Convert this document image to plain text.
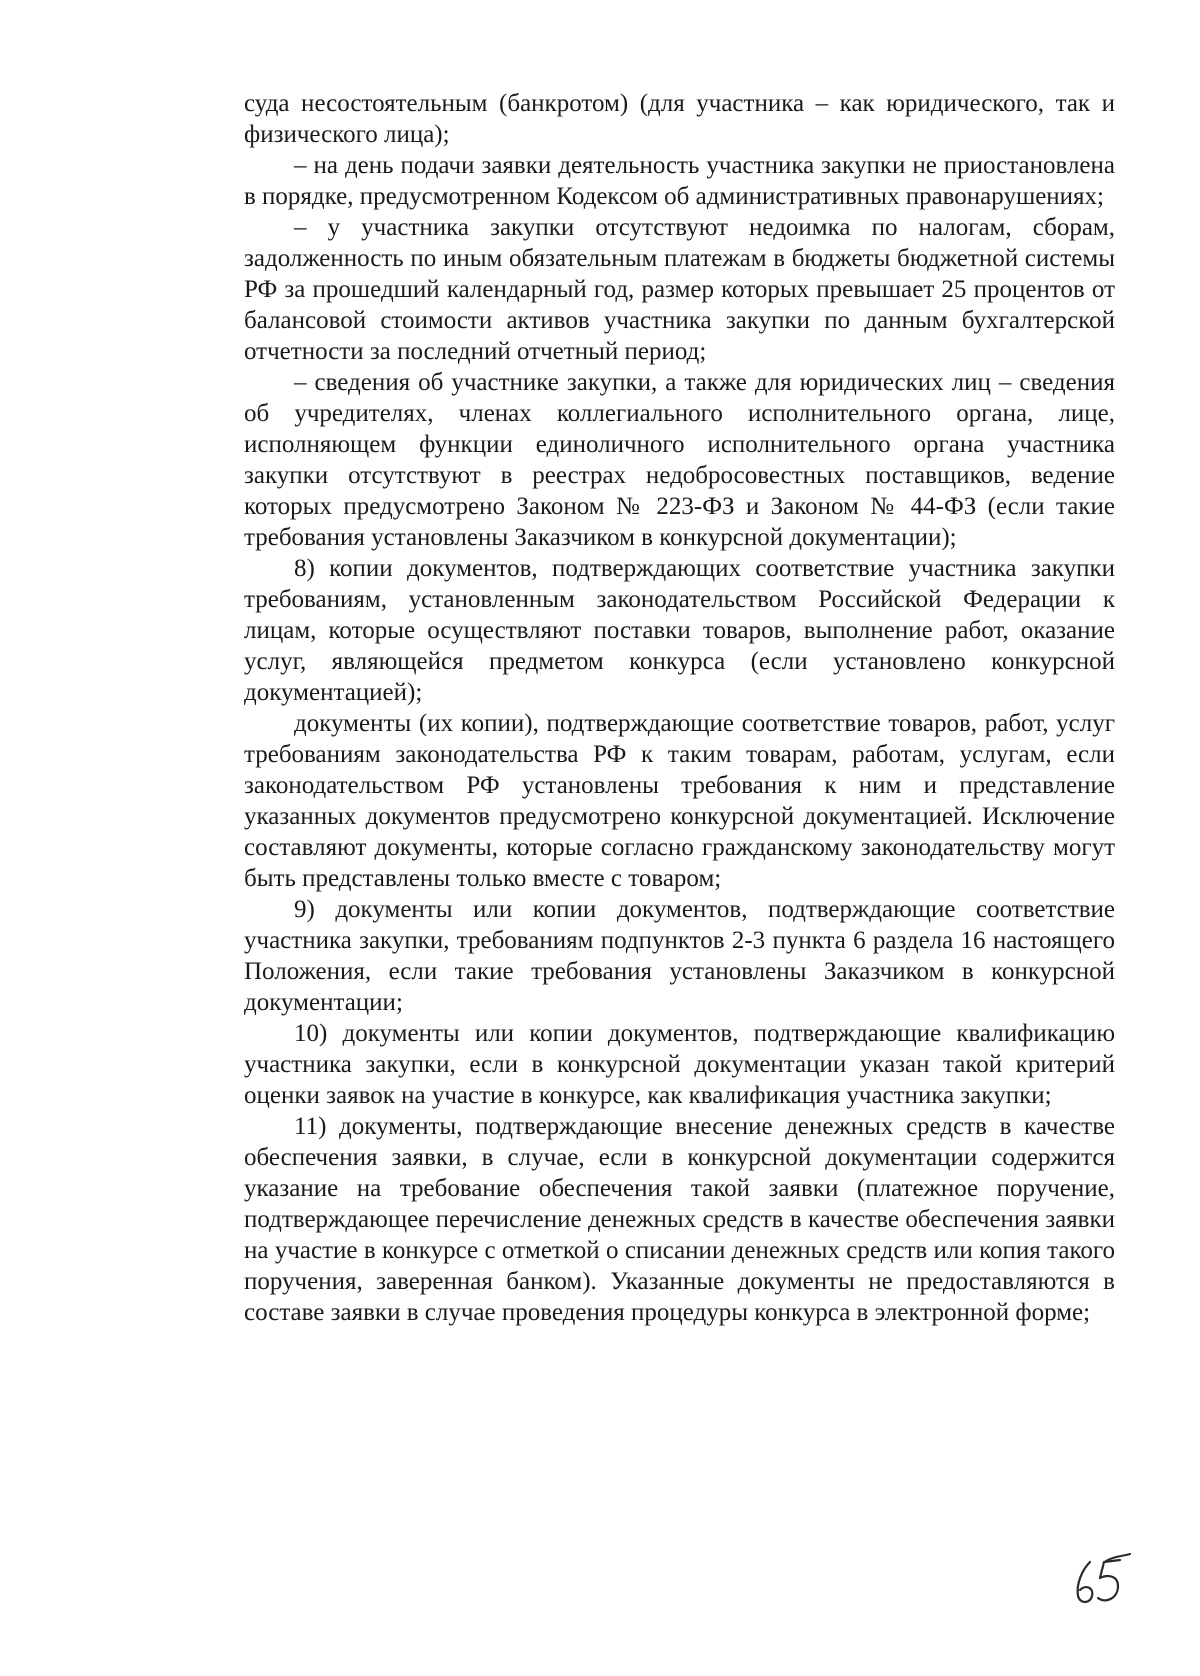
суда несостоятельным (банкротом) (для участника – как юридического, так и физического лица);

– на день подачи заявки деятельность участника закупки не приостановлена в порядке, предусмотренном Кодексом об административных правонарушениях;

– у участника закупки отсутствуют недоимка по налогам, сборам, задолженность по иным обязательным платежам в бюджеты бюджетной системы РФ за прошедший календарный год, размер которых превышает 25 процентов от балансовой стоимости активов участника закупки по данным бухгалтерской отчетности за последний отчетный период;

– сведения об участнике закупки, а также для юридических лиц – сведения об учредителях, членах коллегиального исполнительного органа, лице, исполняющем функции единоличного исполнительного органа участника закупки отсутствуют в реестрах недобросовестных поставщиков, ведение которых предусмотрено Законом № 223-ФЗ и Законом № 44-ФЗ (если такие требования установлены Заказчиком в конкурсной документации);

8) копии документов, подтверждающих соответствие участника закупки требованиям, установленным законодательством Российской Федерации к лицам, которые осуществляют поставки товаров, выполнение работ, оказание услуг, являющейся предметом конкурса (если установлено конкурсной документацией);

документы (их копии), подтверждающие соответствие товаров, работ, услуг требованиям законодательства РФ к таким товарам, работам, услугам, если законодательством РФ установлены требования к ним и представление указанных документов предусмотрено конкурсной документацией. Исключение составляют документы, которые согласно гражданскому законодательству могут быть представлены только вместе с товаром;

9) документы или копии документов, подтверждающие соответствие участника закупки, требованиям подпунктов 2-3 пункта 6 раздела 16 настоящего Положения, если такие требования установлены Заказчиком в конкурсной документации;

10) документы или копии документов, подтверждающие квалификацию участника закупки, если в конкурсной документации указан такой критерий оценки заявок на участие в конкурсе, как квалификация участника закупки;

11) документы, подтверждающие внесение денежных средств в качестве обеспечения заявки, в случае, если в конкурсной документации содержится указание на требование обеспечения такой заявки (платежное поручение, подтверждающее перечисление денежных средств в качестве обеспечения заявки на участие в конкурсе с отметкой о списании денежных средств или копия такого поручения, заверенная банком). Указанные документы не предоставляются в составе заявки в случае проведения процедуры конкурса в электронной форме;
